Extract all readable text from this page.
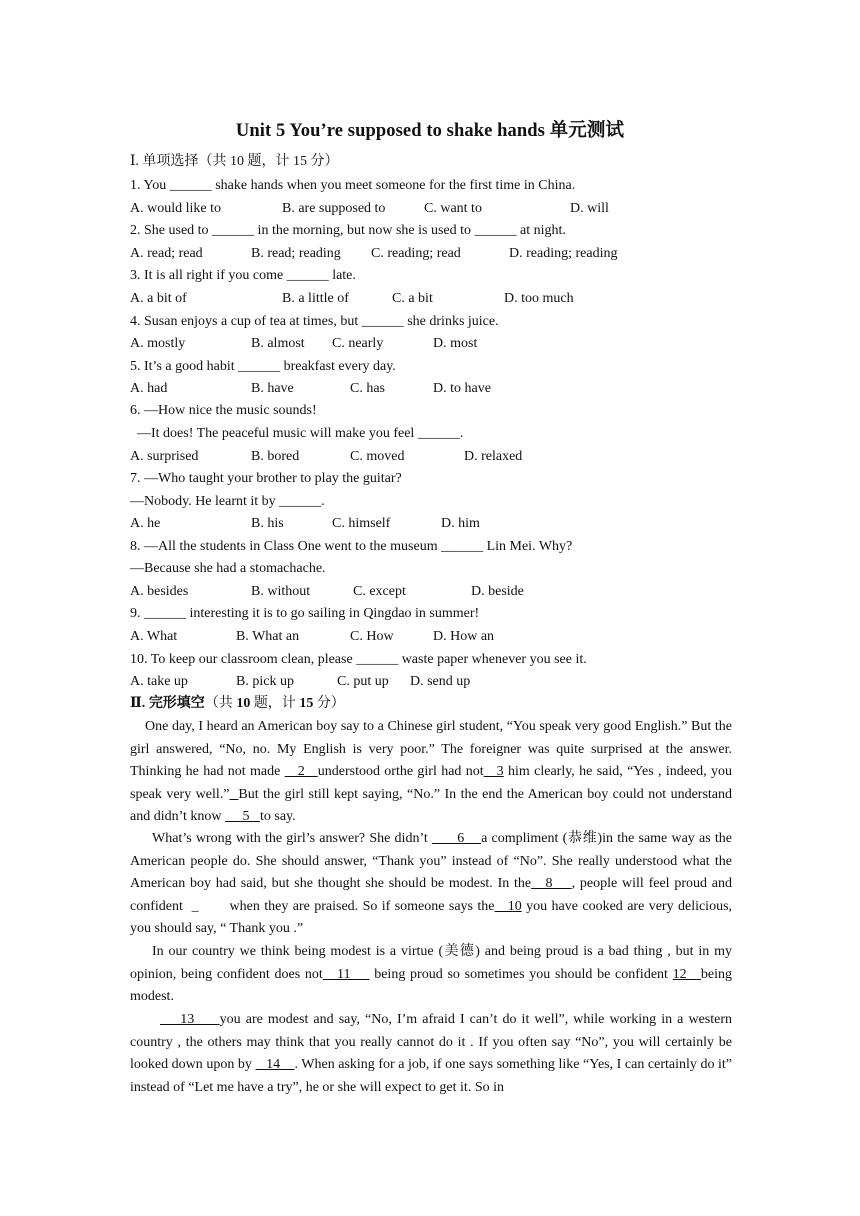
Unit 5 You’re supposed to shake hands 单元测试
Ⅰ. 单项选择（共 10 题，计 15 分）
1. You ______ shake hands when you meet someone for the first time in China.
A. would like to	B. are supposed to	C. want to	D. will
2. She used to ______ in the morning, but now she is used to ______ at night.
A. read; read	B. read; reading C. reading; read	D. reading; reading
3. It is all right if you come ______ late.
A. a bit of	B. a little of	C. a bit	D. too much
4. Susan enjoys a cup of tea at times, but ______ she drinks juice.
A. mostly	B. almost C. nearly	D. most
5. It’s a good habit ______ breakfast every day.
A. had	B. have	C. has	D. to have
6. —How nice the music sounds!
—It does! The peaceful music will make you feel ______.
A. surprised	B. bored	C. moved	D. relaxed
7. —Who taught your brother to play the guitar?
—Nobody. He learnt it by ______.
A. he	B. his	C. himself	D. him
8. —All the students in Class One went to the museum ______ Lin Mei. Why?
—Because she had a stomachache.
A. besides	B. without	C. except	D. beside
9. ______ interesting it is to go sailing in Qingdao in summer!
A. What	B. What an	C. How	D. How an
10. To keep our classroom clean, please ______ waste paper whenever you see it.
A. take up	B. pick up	C. put up D. send up
Ⅱ. 完形填空（共 10 题，计 15 分）
One day, I heard an American boy say to a Chinese girl student, “You speak very good English.” But the girl answered, “No, no. My English is very poor.” The foreigner was quite surprised at the answer. Thinking he had not made    2   understood orthe girl had not   3 him clearly, he said, “Yes , indeed, you speak very well.” But the girl still kept saying, “No.” In the end the American boy could not understand and didn’t know      5   to say.
What’s wrong with the girl’s answer? She didn’t       6    a compliment (恭维)in the same way as the American people do. She should answer, “Thank you” instead of “No”. She really understood what the American boy had said, but she thought she should be modest. In the   8    , people will feel proud and confident  _       when they are praised. So if someone says the   10 you have cooked are very delicious, you should say, “ Thank you .”
In our country we think being modest is a virtue (美德) and being proud is a bad thing , but in my opinion, being confident does not   11     being proud so sometimes you should be confident 12   being modest.
13     you are modest and say, “No, I’m afraid I can’t do it well”, while working in a western country , the others may think that you really cannot do it . If you often say “No”, you will certainly be looked down upon by    14    . When asking for a job, if one says something like “Yes, I can certainly do it” instead of “Let me have a try”, he or she will expect to get it. So in
